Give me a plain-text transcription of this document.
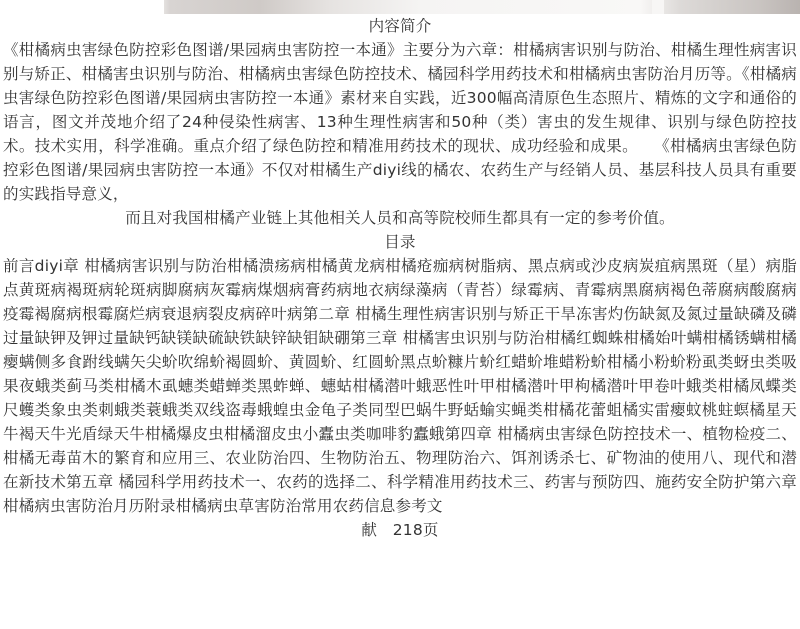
内容简介

《柑橘病虫害绿色防控彩色图谱/果园病虫害防控一本通》主要分为六章：柑橘病害识别与防治、柑橘生理性病害识别与矫正、柑橘害虫识别与防治、柑橘病虫害绿色防控技术、橘园科学用药技术和柑橘病虫害防治月历等。《柑橘病虫害绿色防控彩色图谱/果园病虫害防控一本通》素材来自实践，近300幅高清原色生态照片、精炼的文字和通俗的语言，图文并茂地介绍了24种侵染性病害、13种生理性病害和50种（类）害虫的发生规律、识别与绿色防控技术。技术实用，科学准确。重点介绍了绿色防控和精准用药技术的现状、成功经验和成果。　　《柑橘病虫害绿色防控彩色图谱/果园病虫害防控一本通》不仅对柑橘生产diyi线的橘农、农药生产与经销人员、基层科技人员具有重要的实践指导意义，

而且对我国柑橘产业链上其他相关人员和高等院校师生都具有一定的参考价值。

目录

前言diyi章 柑橘病害识别与防治柑橘溃疡病柑橘黄龙病柑橘疮痂病树脂病、黑点病或沙皮病炭疽病黑斑（星）病脂点黄斑病褐斑病轮斑病脚腐病灰霉病煤烟病膏药病地衣病绿藻病（青苔）绿霉病、青霉病黑腐病褐色蒂腐病酸腐病疫霉褐腐病根霉腐烂病衰退病裂皮病碎叶病第二章 柑橘生理性病害识别与矫正干旱冻害灼伤缺氮及氮过量缺磷及磷过量缺钾及钾过量缺钙缺镁缺硫缺铁缺锌缺钼缺硼第三章 柑橘害虫识别与防治柑橘红蜘蛛柑橘始叶螨柑橘锈螨柑橘瘿螨侧多食跗线螨矢尖蚧吹绵蚧褐圆蚧、黄圆蚧、红圆蚧黑点蚧糠片蚧红蜡蚧堆蜡粉蚧柑橘小粉蚧粉虱类蚜虫类吸果夜蛾类蓟马类柑橘木虱蟪类蜡蝉类黑蚱蝉、蟪蛄柑橘潜叶蛾恶性叶甲柑橘潜叶甲枸橘潜叶甲卷叶蛾类柑橘凤蝶类尺蠖类象虫类刺蛾类蓑蛾类双线盗毒蛾蝗虫金龟子类同型巴蜗牛野蛞蝓实蝇类柑橘花蕾蛆橘实雷瘿蚊桃蛀螟橘星天牛褐天牛光盾绿天牛柑橘爆皮虫柑橘溜皮虫小蠹虫类咖啡豹蠹蛾第四章 柑橘病虫害绿色防控技术一、植物检疫二、柑橘无毒苗木的繁育和应用三、农业防治四、生物防治五、物理防治六、饵剂诱杀七、矿物油的使用八、现代和潜在新技术第五章 橘园科学用药技术一、农药的选择二、科学精准用药技术三、药害与预防四、施药安全防护第六章 柑橘病虫害防治月历附录柑橘病虫草害防治常用农药信息参考文

献　218页
